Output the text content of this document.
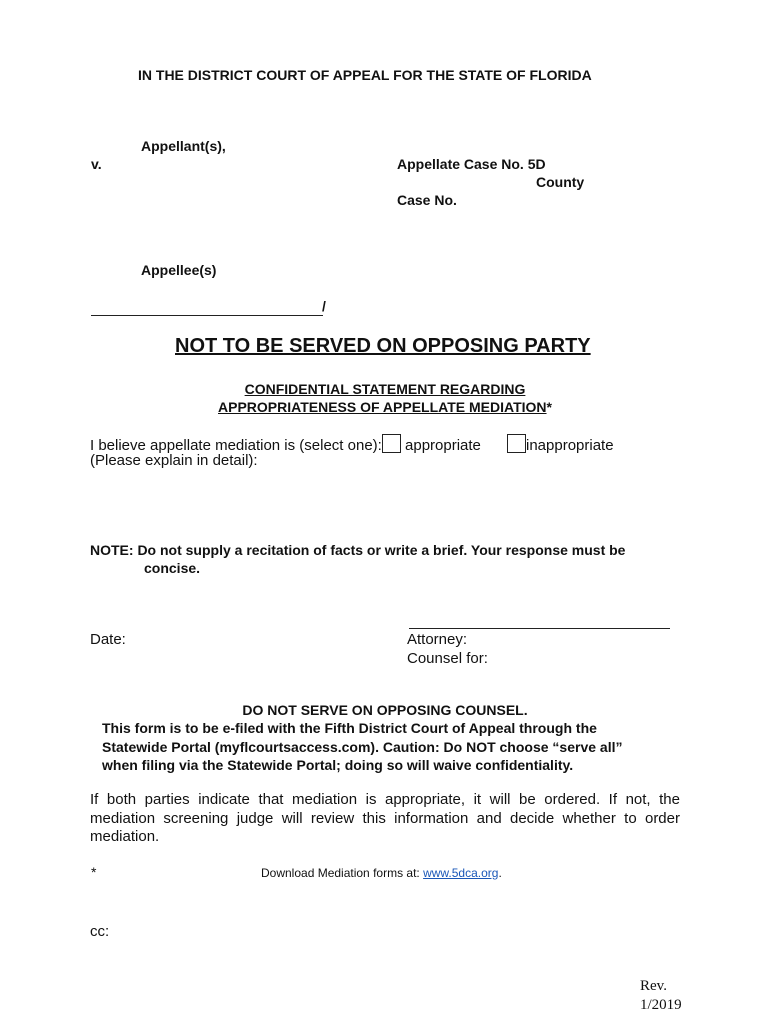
IN THE DISTRICT COURT OF APPEAL FOR THE STATE OF FLORIDA
Appellant(s),
v.	Appellate Case No. 5D
County
Case No.
Appellee(s)
/
NOT TO BE SERVED ON OPPOSING PARTY
CONFIDENTIAL STATEMENT REGARDING
APPROPRIATENESS OF APPELLATE MEDIATION*
I believe appellate mediation is (select one): appropriate	inappropriate
(Please explain in detail):
NOTE: Do not supply a recitation of facts or write a brief. Your response must be
concise.
Date:	Attorney:
Counsel for:
DO NOT SERVE ON OPPOSING COUNSEL.
This form is to be e-filed with the Fifth District Court of Appeal through the
Statewide Portal (myflcourtsaccess.com). Caution: Do NOT choose “serve all”
when filing via the Statewide Portal; doing so will waive confidentiality.
If both parties indicate that mediation is appropriate, it will be ordered. If not, the mediation screening judge will review this information and decide whether to order mediation.
*	Download Mediation forms at: www.5dca.org.
cc:
Rev.
1/2019
